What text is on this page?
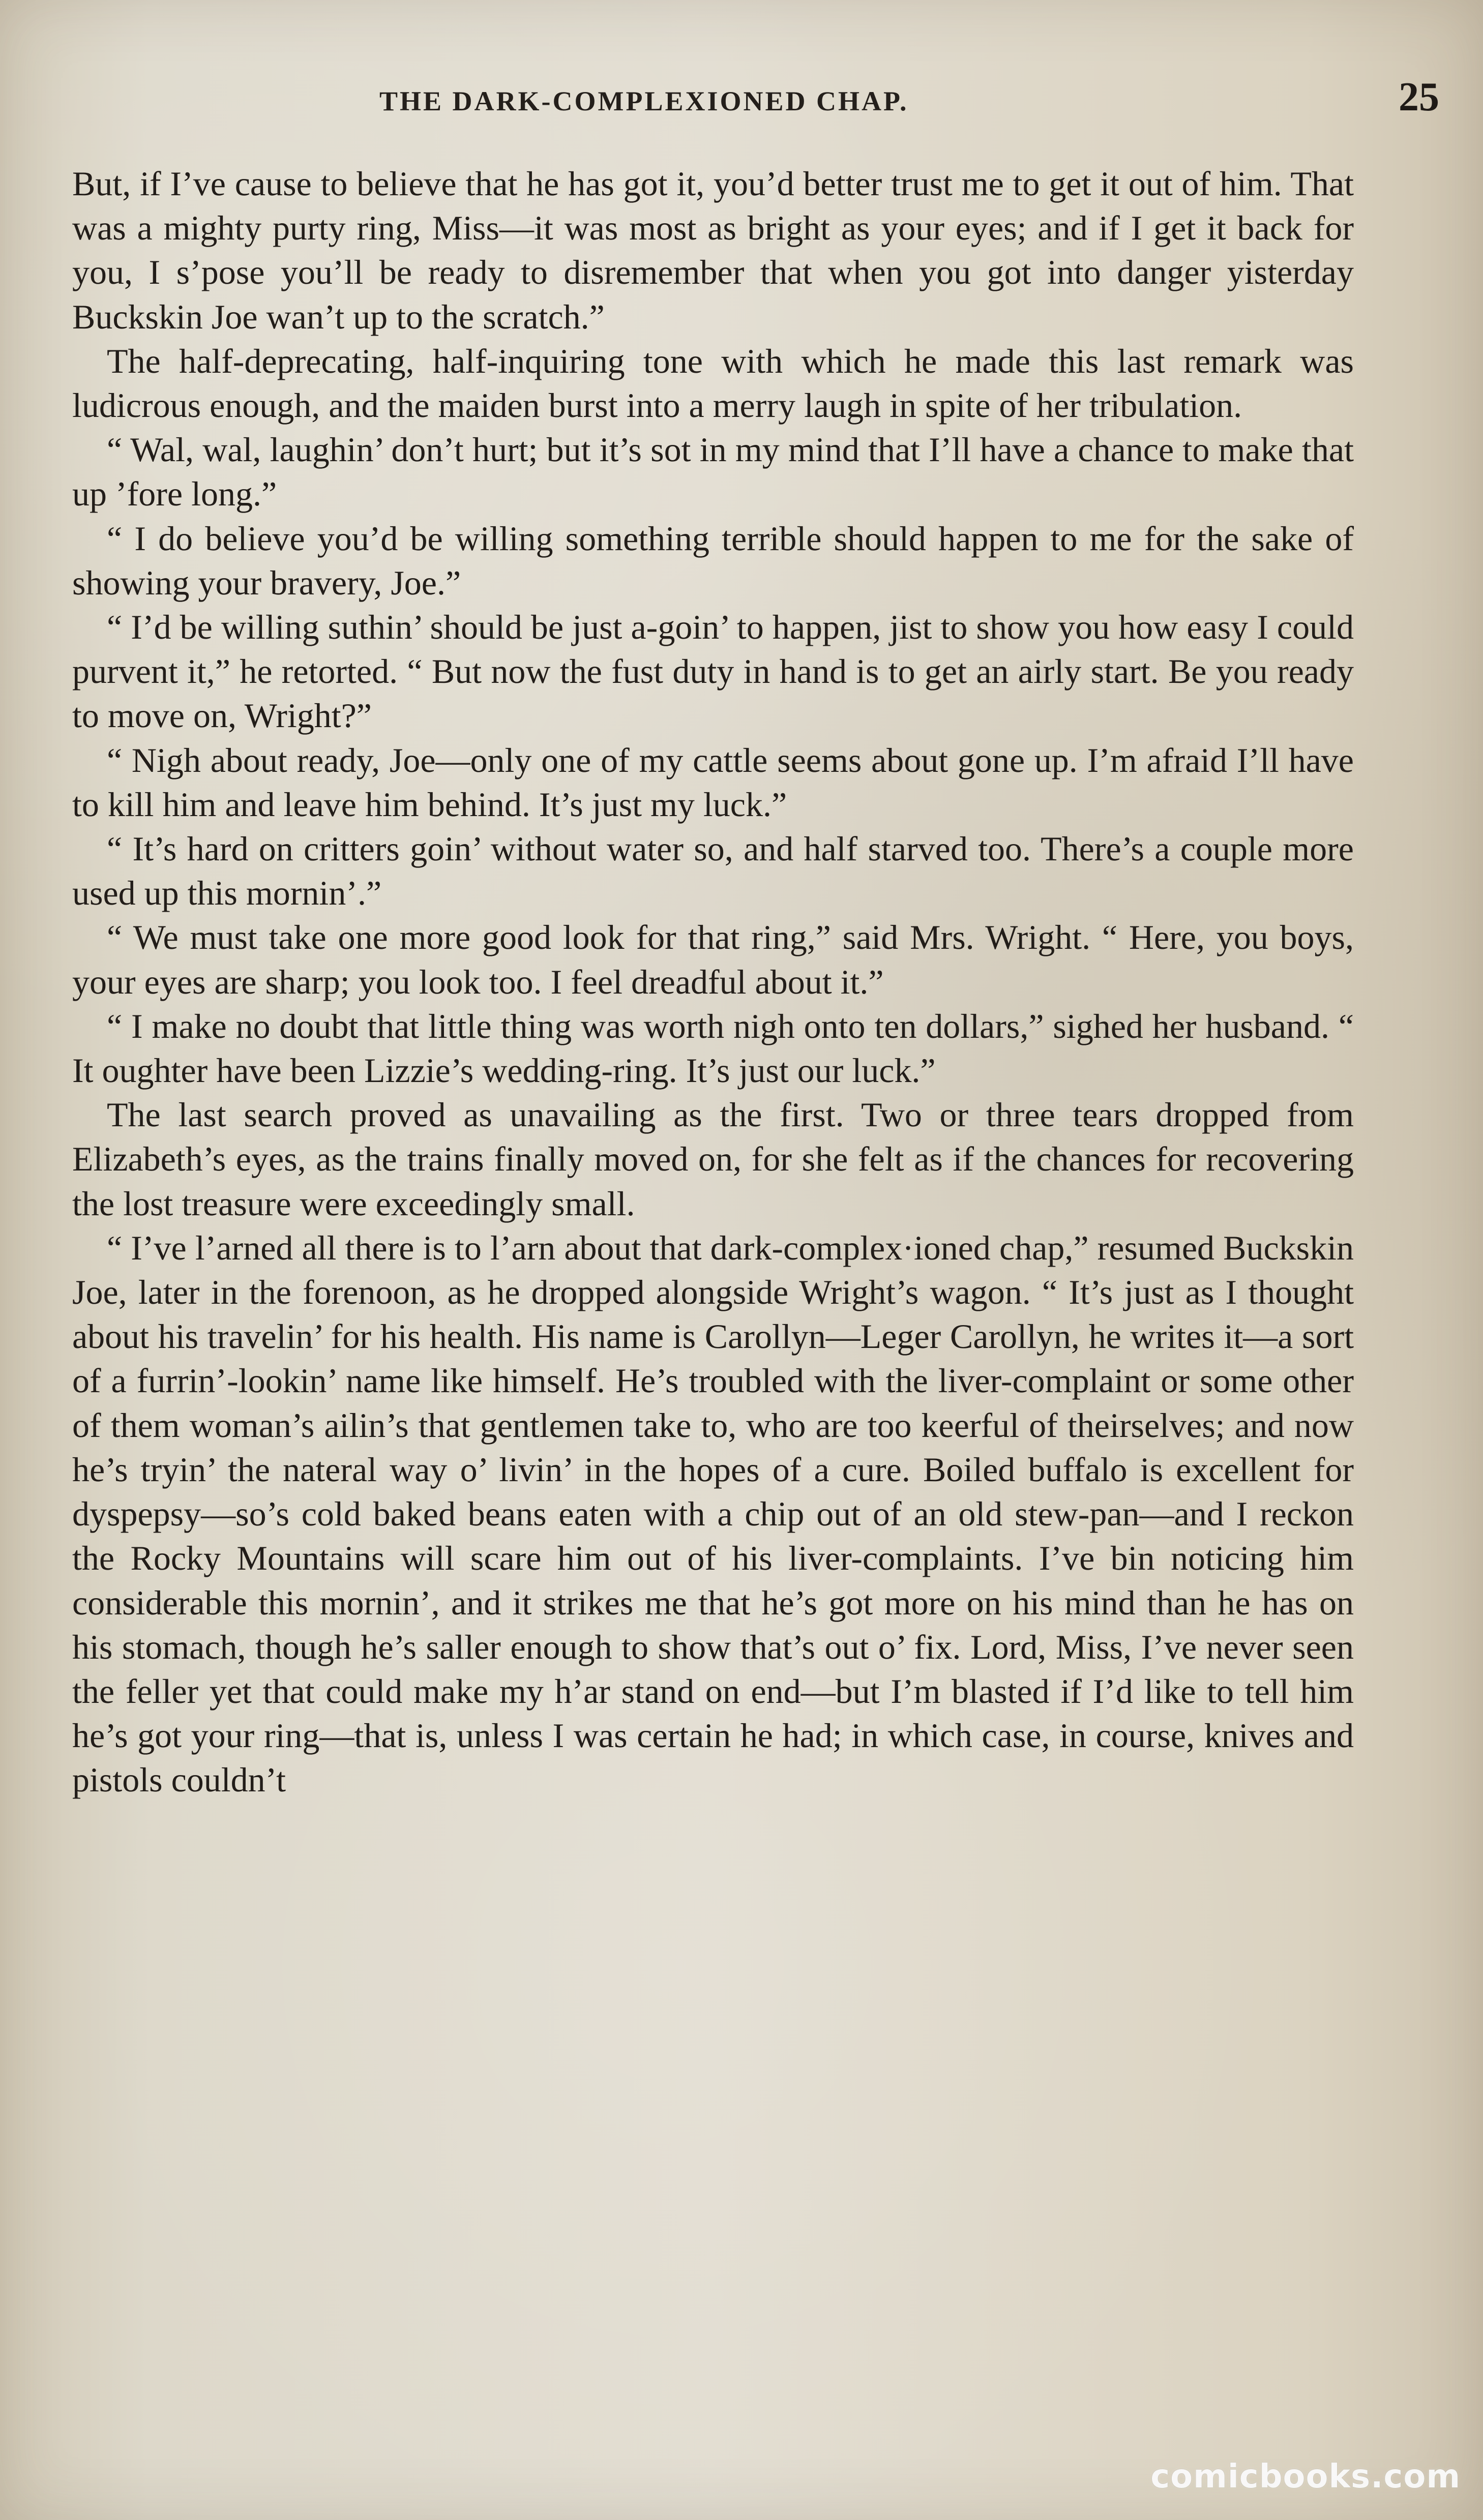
THE DARK-COMPLEXIONED CHAP.	25

But, if I’ve cause to believe that he has got it, you’d better trust me to get it out of him. That was a mighty purty ring, Miss—it was most as bright as your eyes; and if I get it back for you, I s’pose you’ll be ready to disremember that when you got into danger yisterday Buckskin Joe wan’t up to the scratch.”

The half-deprecating, half-inquiring tone with which he made this last remark was ludicrous enough, and the maiden burst into a merry laugh in spite of her tribulation.

“ Wal, wal, laughin’ don’t hurt; but it’s sot in my mind that I’ll have a chance to make that up ’fore long.”

“ I do believe you’d be willing something terrible should happen to me for the sake of showing your bravery, Joe.”

“ I’d be willing suthin’ should be just a-goin’ to happen, jist to show you how easy I could purvent it,” he retorted. “ But now the fust duty in hand is to get an airly start. Be you ready to move on, Wright?”

“ Nigh about ready, Joe—only one of my cattle seems about gone up. I’m afraid I’ll have to kill him and leave him behind. It’s just my luck.”

“ It’s hard on critters goin’ without water so, and half starved too. There’s a couple more used up this mornin’.”

“ We must take one more good look for that ring,” said Mrs. Wright. “ Here, you boys, your eyes are sharp; you look too. I feel dreadful about it.”

“ I make no doubt that little thing was worth nigh onto ten dollars,” sighed her husband. “ It oughter have been Lizzie’s wedding-ring. It’s just our luck.”

The last search proved as unavailing as the first. Two or three tears dropped from Elizabeth’s eyes, as the trains finally moved on, for she felt as if the chances for recovering the lost treasure were exceedingly small.

“ I’ve l’arned all there is to l’arn about that dark-complex·ioned chap,” resumed Buckskin Joe, later in the forenoon, as he dropped alongside Wright’s wagon. “ It’s just as I thought about his travelin’ for his health. His name is Carollyn—Leger Carollyn, he writes it—a sort of a furrin’-lookin’ name like himself. He’s troubled with the liver-complaint or some other of them woman’s ailin’s that gentlemen take to, who are too keerful of theirselves; and now he’s tryin’ the nateral way o’ livin’ in the hopes of a cure. Boiled buffalo is excellent for dyspepsy—so’s cold baked beans eaten with a chip out of an old stew-pan—and I reckon the Rocky Mountains will scare him out of his liver-complaints. I’ve bin noticing him considerable this mornin’, and it strikes me that he’s got more on his mind than he has on his stomach, though he’s saller enough to show that’s out o’ fix. Lord, Miss, I’ve never seen the feller yet that could make my h’ar stand on end—but I’m blasted if I’d like to tell him he’s got your ring—that is, unless I was certain he had; in which case, in course, knives and pistols couldn’t

comicbooks.com
